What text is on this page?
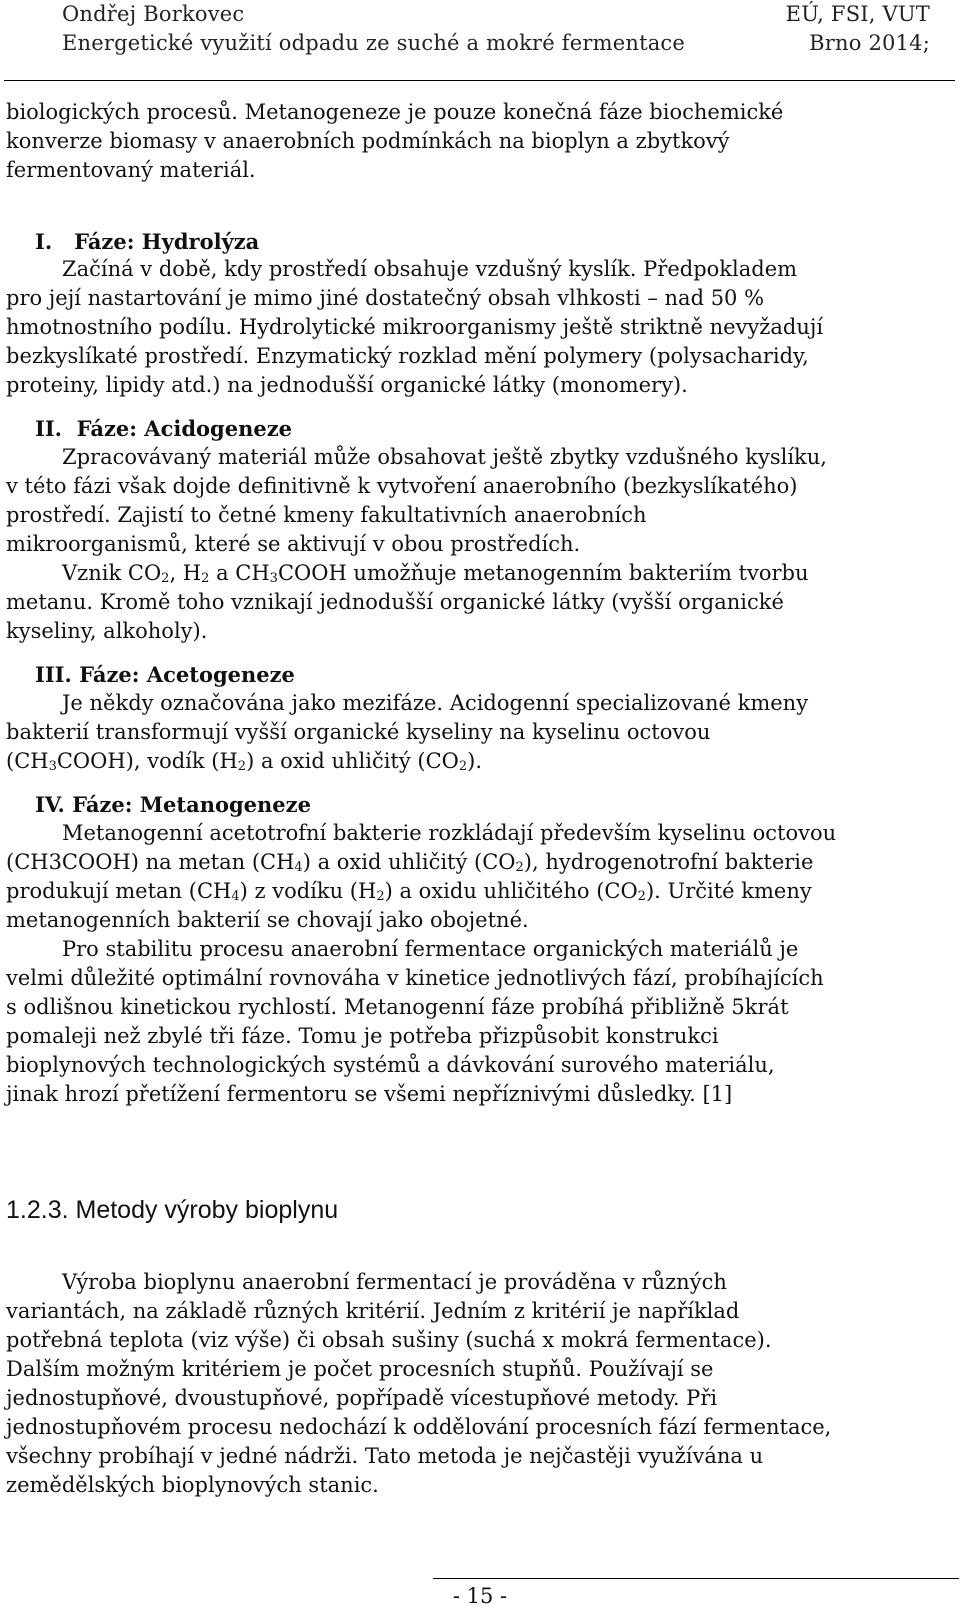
Ondřej Borkovec	EÚ, FSI, VUT
Energetické využití odpadu ze suché a mokré fermentace	Brno 2014;
biologických procesů. Metanogeneze je pouze konečná fáze biochemické
konverze biomasy v anaerobních podmínkách na bioplyn a zbytkový
fermentovaný materiál.
I.   Fáze: Hydrolýza
Začíná v době, kdy prostředí obsahuje vzdušný kyslík. Předpokladem
pro její nastartování je mimo jiné dostatečný obsah vlhkosti – nad 50 %
hmotnostního podílu. Hydrolytické mikroorganismy ještě striktně nevyžadují
bezkyslíkaté prostředí. Enzymatický rozklad mění polymery (polysacharidy,
proteiny, lipidy atd.) na jednodušší organické látky (monomery).
II.  Fáze: Acidogeneze
Zpracovávaný materiál může obsahovat ještě zbytky vzdušného kyslíku,
v této fázi však dojde definitivně k vytvoření anaerobního (bezkyslíkatého)
prostředí. Zajistí to četné kmeny fakultativních anaerobních
mikroorganismů, které se aktivují v obou prostředích.
Vznik $CO_2$, $H_2$ a $CH_3COOH$ umožňuje metanogenním bakteriím tvorbu
metanu. Kromě toho vznikají jednodušší organické látky (vyšší organické
kyseliny, alkoholy).
III. Fáze: Acetogeneze
Je někdy označována jako mezifáze. Acidogenní specializované kmeny
bakterií transformují vyšší organické kyseliny na kyselinu octovou
$(CH_3COOH)$, vodík $(H_2)$ a oxid uhličitý $(CO_2)$.
IV. Fáze: Metanogeneze
Metanogenní acetotrofní bakterie rozkládají především kyselinu octovou
(CH3COOH) na metan $(CH_4)$ a oxid uhličitý $(CO_2)$, hydrogenotrofní bakterie
produkují metan $(CH_4)$ z vodíku $(H_2)$ a oxidu uhličitého $(CO_2)$. Určité kmeny
metanogenních bakterií se chovají jako obojetné.
Pro stabilitu procesu anaerobní fermentace organických materiálů je
velmi důležité optimální rovnováha v kinetice jednotlivých fází, probíhajících
s odlišnou kinetickou rychlostí. Metanogenní fáze probíhá přibližně 5krát
pomaleji než zbylé tři fáze. Tomu je potřeba přizpůsobit konstrukci
bioplynových technologických systémů a dávkování surového materiálu,
jinak hrozí přetížení fermentoru se všemi nepříznivými důsledky. [1]
1.2.3. Metody výroby bioplynu
Výroba bioplynu anaerobní fermentací je prováděna v různých
variantách, na základě různých kritérií. Jedním z kritérií je například
potřebná teplota (viz výše) či obsah sušiny (suchá x mokrá fermentace).
Dalším možným kritériem je počet procesních stupňů. Používají se
jednostupňové, dvoustupňové, popřípadě vícestupňové metody. Při
jednostupňovém procesu nedochází k oddělování procesních fází fermentace,
všechny probíhají v jedné nádrži. Tato metoda je nejčastěji využívána u
zemědělských bioplynových stanic.
- 15 -
